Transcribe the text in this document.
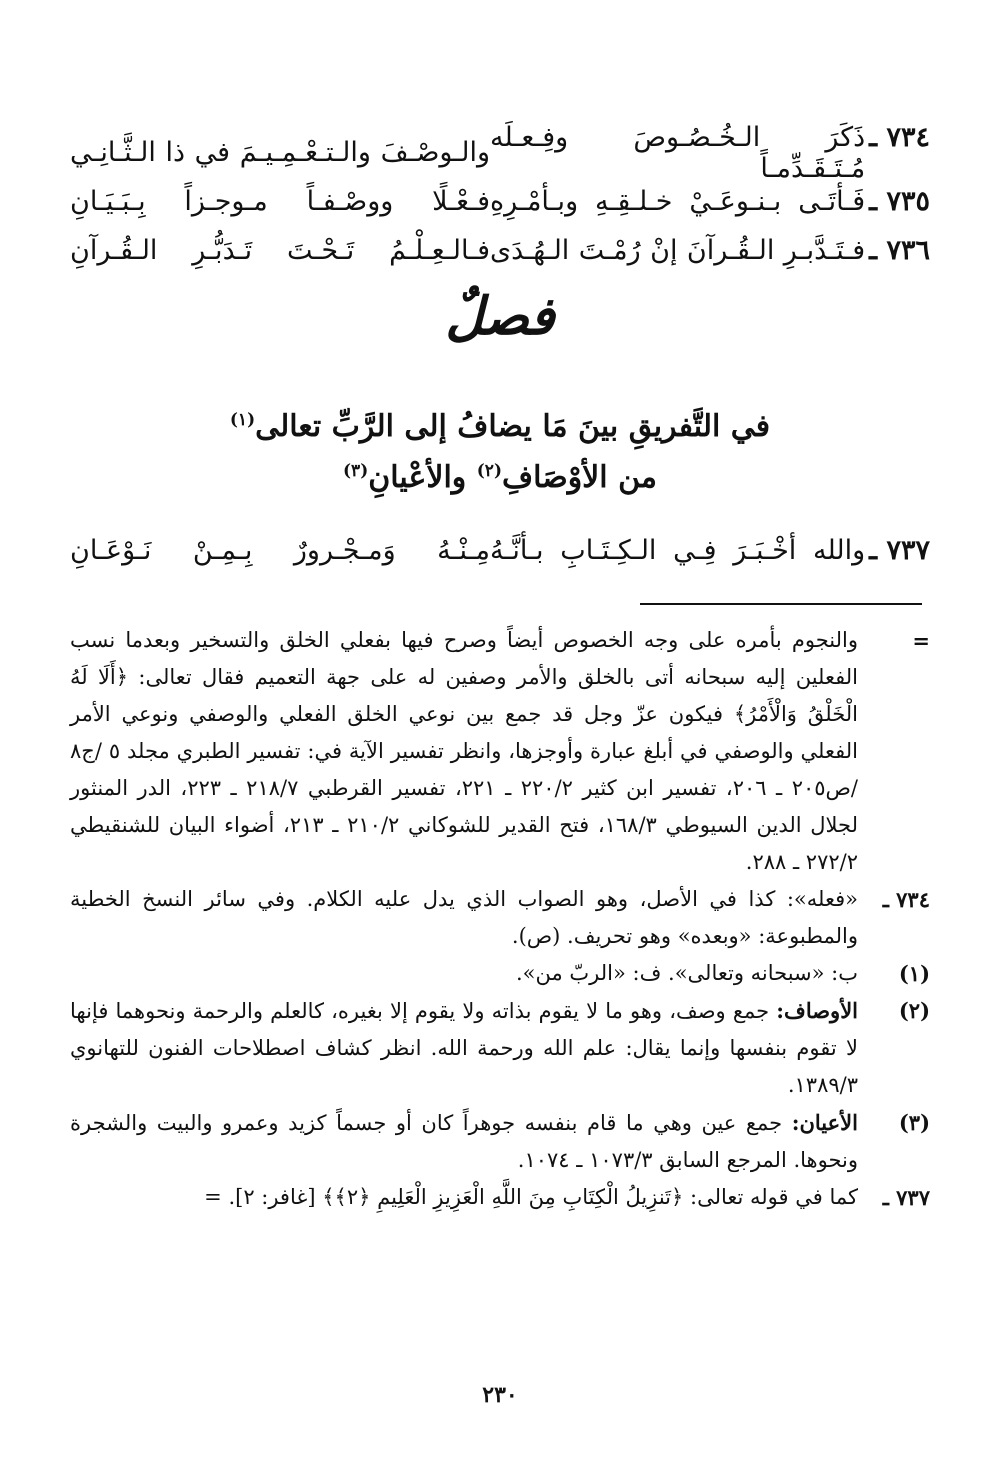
٧٣٤ ـ
ذَكَرَ الـخُـصُـوصَ وفِـعـلَه مُـتَـقَـدِّمـاً
والـوصْـفَ والـتـعْـمِـيـمَ في ذا الـثَّـانِـي
٧٣٥ ـ
فَـأتَـى بـنـوعَـيْ خـلـقِـهِ وبـأمْـرِهِ
فـعْـلًا ووصْـفـاً مـوجـزاً بِـبَـيَـانِ
٧٣٦ ـ
فـتَـدَّبـرِ الـقُـرآنَ إنْ رُمْـتَ الـهُـدَى
فـالـعِـلْـمُ تَـحْـتَ تَـدَبُّـرِ الـقُـرآنِ
فصلٌ
في التَّفريقِ بينَ مَا يضافُ إلى الرَّبِّ تعالى$^{(١)}$
من الأوْصَافِ$^{(٢)}$ والأعْيانِ$^{(٣)}$
٧٣٧ ـ
والله أخْـبَـرَ فِـي الـكِـتَـابِ بـأنَّـهُ
مِـنْـهُ وَمـجْـرورٌ بِـمِـنْ نَـوْعَـانِ
=
والنجوم بأمره على وجه الخصوص أيضاً وصرح فيها بفعلي الخلق والتسخير وبعدما نسب الفعلين إليه سبحانه أتى بالخلق والأمر وصفين له على جهة التعميم فقال تعالى: ﴿أَلَا لَهُ الْخَلْقُ وَالْأَمْرُ﴾ فيكون عزّ وجل قد جمع بين نوعي الخلق الفعلي والوصفي ونوعي الأمر الفعلي والوصفي في أبلغ عبارة وأوجزها، وانظر تفسير الآية في: تفسير الطبري مجلد ٥ /ج٨ /ص٢٠٥ ـ ٢٠٦، تفسير ابن كثير ٢٢٠/٢ ـ ٢٢١، تفسير القرطبي ٢١٨/٧ ـ ٢٢٣، الدر المنثور لجلال الدين السيوطي ١٦٨/٣، فتح القدير للشوكاني ٢١٠/٢ ـ ٢١٣، أضواء البيان للشنقيطي ٢٧٢/٢ ـ ٢٨٨.
٧٣٤ ـ
«فعله»: كذا في الأصل، وهو الصواب الذي يدل عليه الكلام. وفي سائر النسخ الخطية والمطبوعة: «وبعده» وهو تحريف. (ص).
(١)
ب: «سبحانه وتعالى». ف: «الربّ من».
(٢)
الأوصاف: جمع وصف، وهو ما لا يقوم بذاته ولا يقوم إلا بغيره، كالعلم والرحمة ونحوهما فإنها لا تقوم بنفسها وإنما يقال: علم الله ورحمة الله. انظر كشاف اصطلاحات الفنون للتهانوي ١٣٨٩/٣.
(٣)
الأعيان: جمع عين وهي ما قام بنفسه جوهراً كان أو جسماً كزيد وعمرو والبيت والشجرة ونحوها. المرجع السابق ١٠٧٣/٣ ـ ١٠٧٤.
٧٣٧ ـ
كما في قوله تعالى: ﴿تَنزِيلُ الْكِتَابِ مِنَ اللَّهِ الْعَزِيزِ الْعَلِيمِ ﴿٢﴾﴾ [غافر: ٢]. =
٢٣٠
